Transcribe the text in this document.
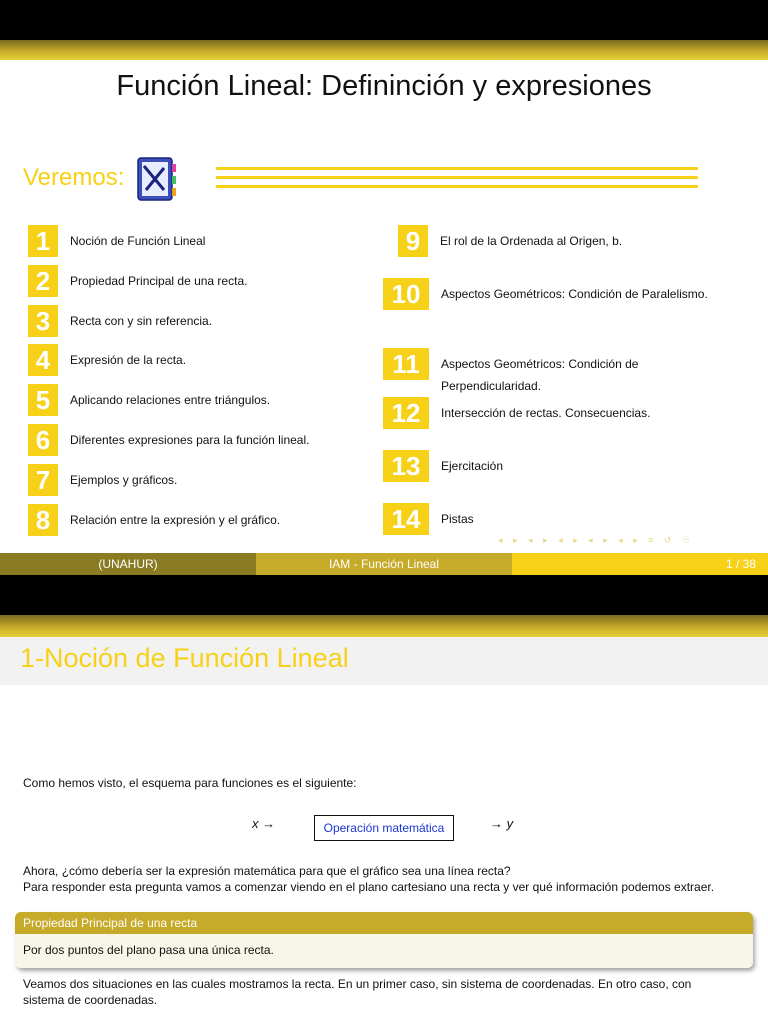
Función Lineal: Defininción y expresiones
Veremos:
1	Noción de Función Lineal
2	Propiedad Principal de una recta.
3	Recta con y sin referencia.
4	Expresión de la recta.
5	Aplicando relaciones entre triángulos.
6	Diferentes expresiones para la función lineal.
7	Ejemplos y gráficos.
8	Relación entre la expresión y el gráfico.
9	El rol de la Ordenada al Origen, b.
10	Aspectos Geométricos: Condición de Paralelismo.
11	Aspectos Geométricos: Condición de
Perpendicularidad.
12	Intersección de rectas. Consecuencias.
13	Ejercitación
14	Pistas
◂ ▸ ◂ ▸ ◂ ▸ ◂ ▸ ◂ ▸ ≡ ↺ ☉
(UNAHUR)	IAM - Función Lineal	1 / 38
1-Noción de Función Lineal
Como hemos visto, el esquema para funciones es el siguiente:
x →	Operación matemática	→ y
Ahora, ¿cómo debería ser la expresión matemática para que el gráfico sea una línea recta?
Para responder esta pregunta vamos a comenzar viendo en el plano cartesiano una recta y ver qué información podemos extraer.
Propiedad Principal de una recta
Por dos puntos del plano pasa una única recta.
Veamos dos situaciones en las cuales mostramos la recta. En un primer caso, sin sistema de coordenadas. En otro caso, con
sistema de coordenadas.
